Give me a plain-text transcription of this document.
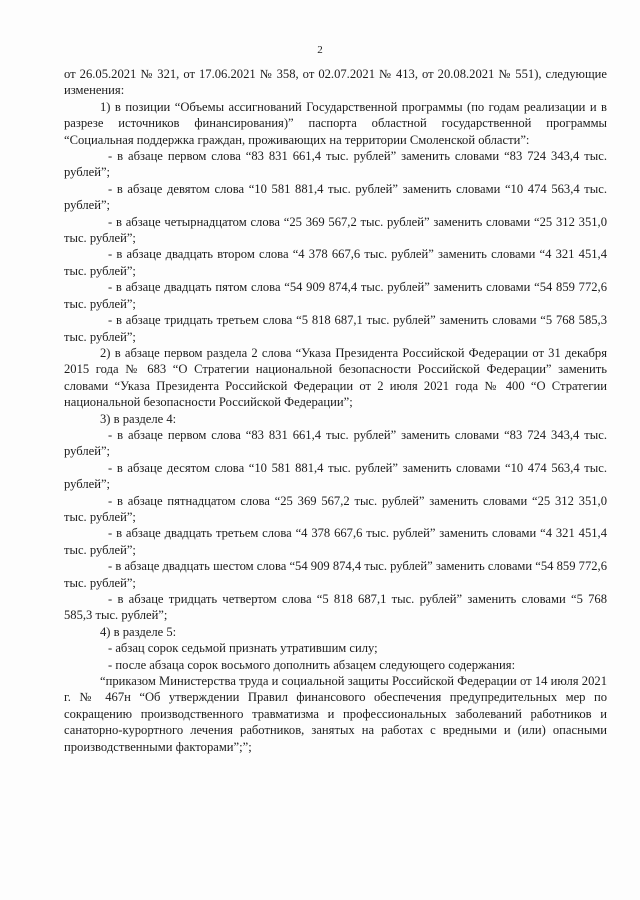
2

от 26.05.2021 № 321, от 17.06.2021 № 358, от 02.07.2021 № 413, от 20.08.2021 № 551), следующие изменения:

1) в позиции “Объемы ассигнований Государственной программы (по годам реализации и в разрезе источников финансирования)” паспорта областной государственной программы “Социальная поддержка граждан, проживающих на территории Смоленской области”:

- в абзаце первом слова “83 831 661,4 тыс. рублей” заменить словами “83 724 343,4 тыс. рублей”;

- в абзаце девятом слова “10 581 881,4 тыс. рублей” заменить словами “10 474 563,4 тыс. рублей”;

- в абзаце четырнадцатом слова “25 369 567,2 тыс. рублей” заменить словами “25 312 351,0 тыс. рублей”;

- в абзаце двадцать втором слова “4 378 667,6 тыс. рублей” заменить словами “4 321 451,4 тыс. рублей”;

- в абзаце двадцать пятом слова “54 909 874,4 тыс. рублей” заменить словами “54 859 772,6 тыс. рублей”;

- в абзаце тридцать третьем слова “5 818 687,1 тыс. рублей” заменить словами “5 768 585,3 тыс. рублей”;

2) в абзаце первом раздела 2 слова “Указа Президента Российской Федерации от 31 декабря 2015 года № 683 “О Стратегии национальной безопасности Российской Федерации” заменить словами “Указа Президента Российской Федерации от 2 июля 2021 года № 400 “О Стратегии национальной безопасности Российской Федерации”;

3) в разделе 4:

- в абзаце первом слова “83 831 661,4 тыс. рублей” заменить словами “83 724 343,4 тыс. рублей”;

- в абзаце десятом слова “10 581 881,4 тыс. рублей” заменить словами “10 474 563,4 тыс. рублей”;

- в абзаце пятнадцатом слова “25 369 567,2 тыс. рублей” заменить словами “25 312 351,0 тыс. рублей”;

- в абзаце двадцать третьем слова “4 378 667,6 тыс. рублей” заменить словами “4 321 451,4 тыс. рублей”;

- в абзаце двадцать шестом слова “54 909 874,4 тыс. рублей” заменить словами “54 859 772,6 тыс. рублей”;

- в абзаце тридцать четвертом слова “5 818 687,1 тыс. рублей” заменить словами “5 768 585,3 тыс. рублей”;

4) в разделе 5:

- абзац сорок седьмой признать утратившим силу;

- после абзаца сорок восьмого дополнить абзацем следующего содержания:

“приказом Министерства труда и социальной защиты Российской Федерации от 14 июля 2021 г. № 467н “Об утверждении Правил финансового обеспечения предупредительных мер по сокращению производственного травматизма и профессиональных заболеваний работников и санаторно-курортного лечения работников, занятых на работах с вредными и (или) опасными производственными факторами”;”;
